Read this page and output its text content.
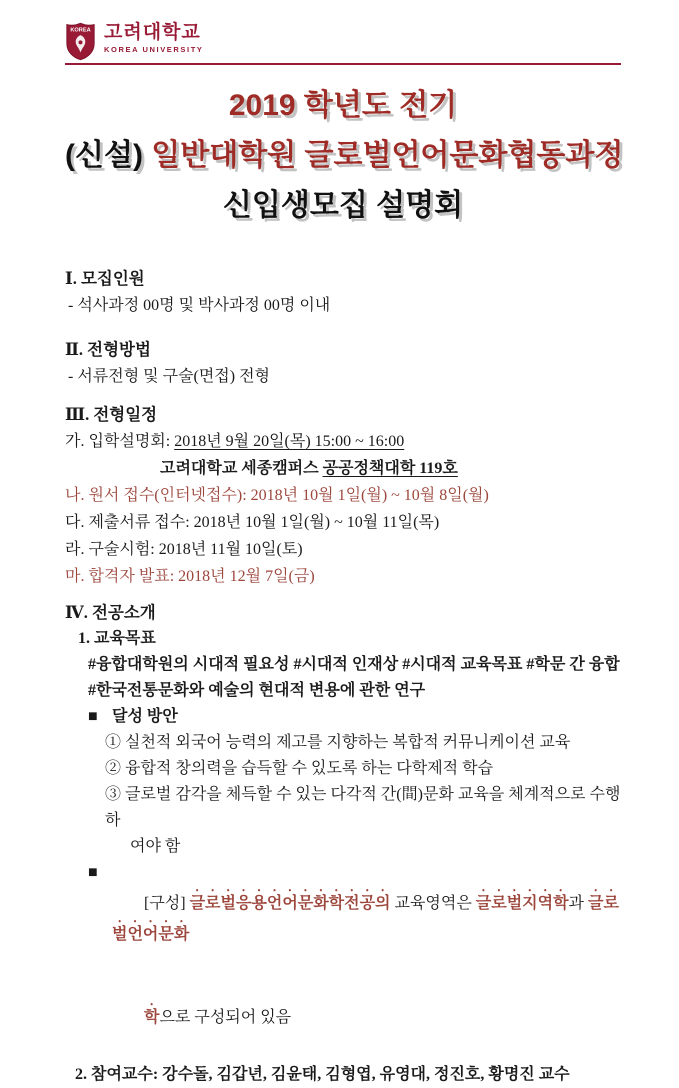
KOREA 고려대학교
KOREA UNIVERSITY
2019 학년도 전기
(신설) 일반대학원 글로벌언어문화협동과정
신입생모집 설명회
Ⅰ. 모집인원
- 석사과정 00명 및 박사과정 00명 이내
Ⅱ. 전형방법
- 서류전형 및 구술(면접) 전형
Ⅲ. 전형일정
가. 입학설명회: 2018년 9월 20일(목) 15:00 ~ 16:00
고려대학교 세종캠퍼스 공공정책대학 119호
나. 원서 접수(인터넷접수): 2018년 10월 1일(월) ~ 10월 8일(월)
다. 제출서류 접수: 2018년 10월 1일(월) ~ 10월 11일(목)
라. 구술시험: 2018년 11월 10일(토)
마. 합격자 발표: 2018년 12월 7일(금)
Ⅳ. 전공소개
1. 교육목표
#융합대학원의 시대적 필요성 #시대적 인재상 #시대적 교육목표 #학문 간 융합
#한국전통문화와 예술의 현대적 변용에 관한 연구
■ 달성 방안
① 실천적 외국어 능력의 제고를 지향하는 복합적 커뮤니케이션 교육
② 융합적 창의력을 습득할 수 있도록 하는 다학제적 학습
③ 글로벌 감각을 체득할 수 있는 다각적 간(間)문화 교육을 체계적으로 수행하
여야 함
■

[구성] 글로벌응용언어문화학전공의 교육영역은 글로벌지역학과 글로벌언어문화

학으로 구성되어 있음

2. 참여교수: 강수돌, 김갑년, 김윤태, 김형엽, 유영대, 정진호, 황명진 교수
